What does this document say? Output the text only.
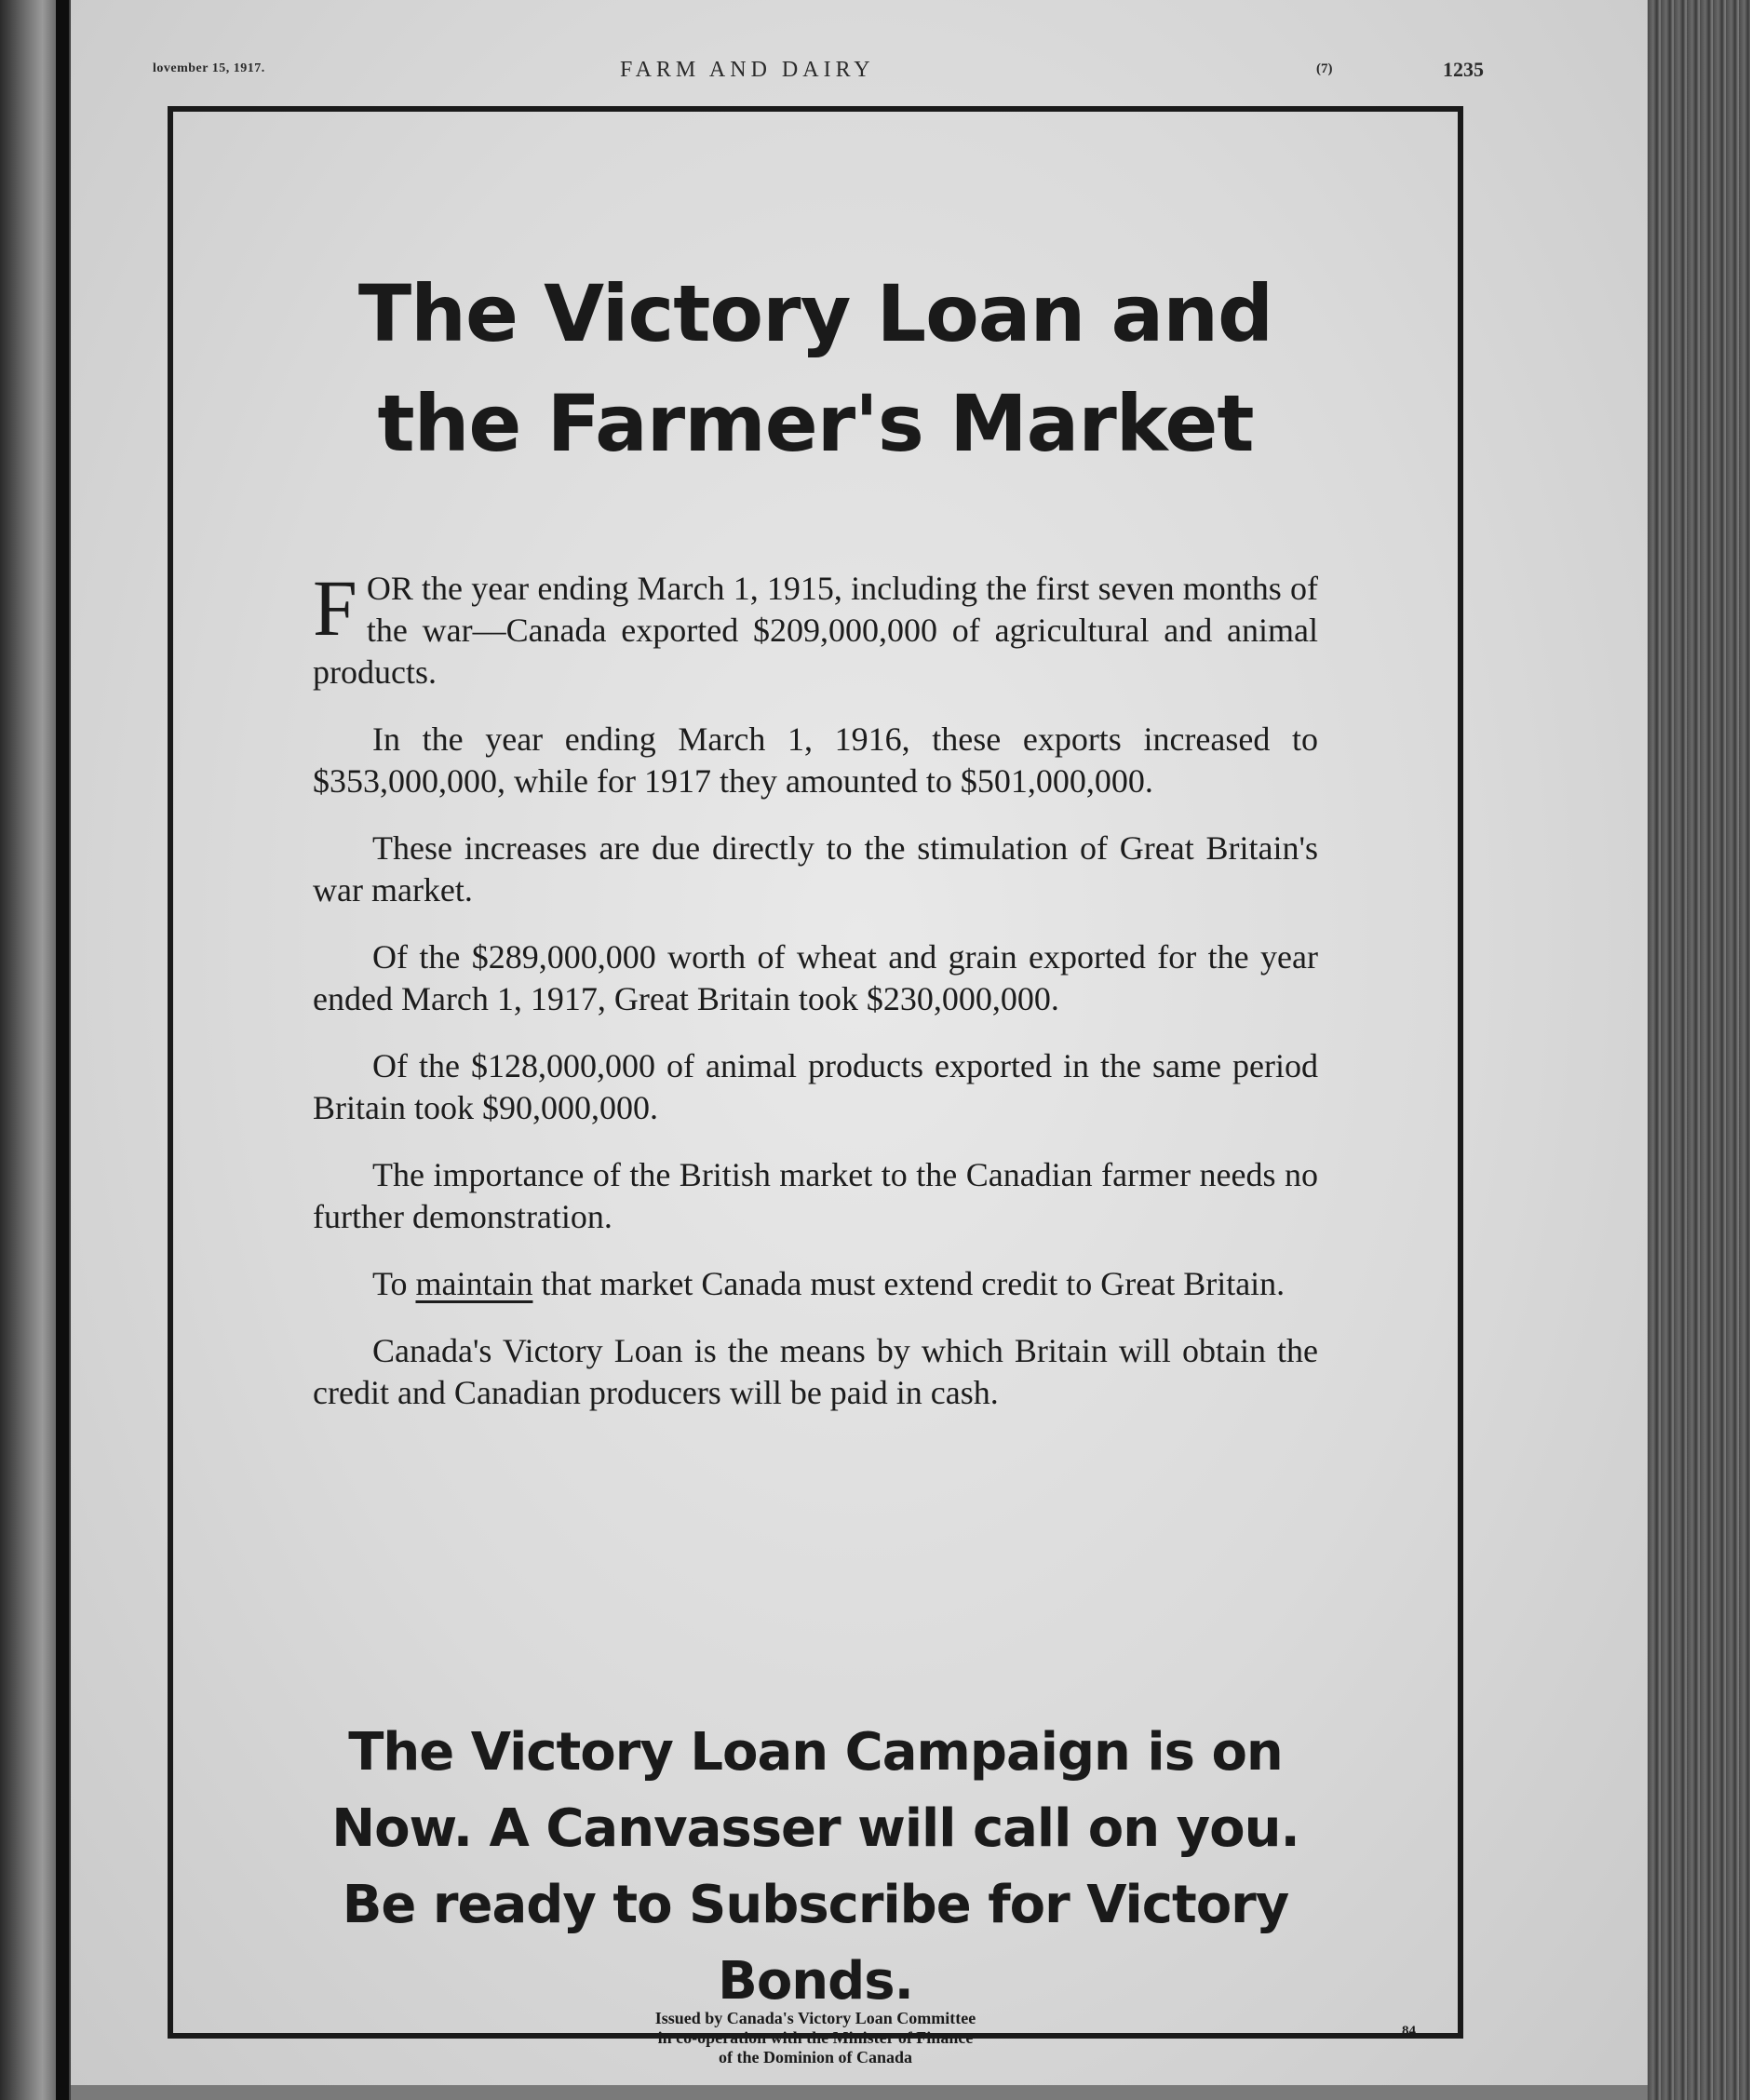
lovember 15, 1917.	FARM AND DAIRY	(7)	1235
The Victory Loan and the Farmer's Market

FOR the year ending March 1, 1915, including the first seven months of the war—Canada exported $209,000,000 of agricultural and animal products.

In the year ending March 1, 1916, these exports increased to $353,000,000, while for 1917 they amounted to $501,000,000.

These increases are due directly to the stimulation of Great Britain's war market.

Of the $289,000,000 worth of wheat and grain exported for the year ended March 1, 1917, Great Britain took $230,000,000.

Of the $128,000,000 of animal products exported in the same period Britain took $90,000,000.

The importance of the British market to the Canadian farmer needs no further demonstration.

To maintain that market Canada must extend credit to Great Britain.

Canada's Victory Loan is the means by which Britain will obtain the credit and Canadian producers will be paid in cash.

The Victory Loan Campaign is on Now. A Canvasser will call on you. Be ready to Subscribe for Victory Bonds.
Issued by Canada's Victory Loan Committee
in co-operation with the Minister of Finance
of the Dominion of Canada
84
